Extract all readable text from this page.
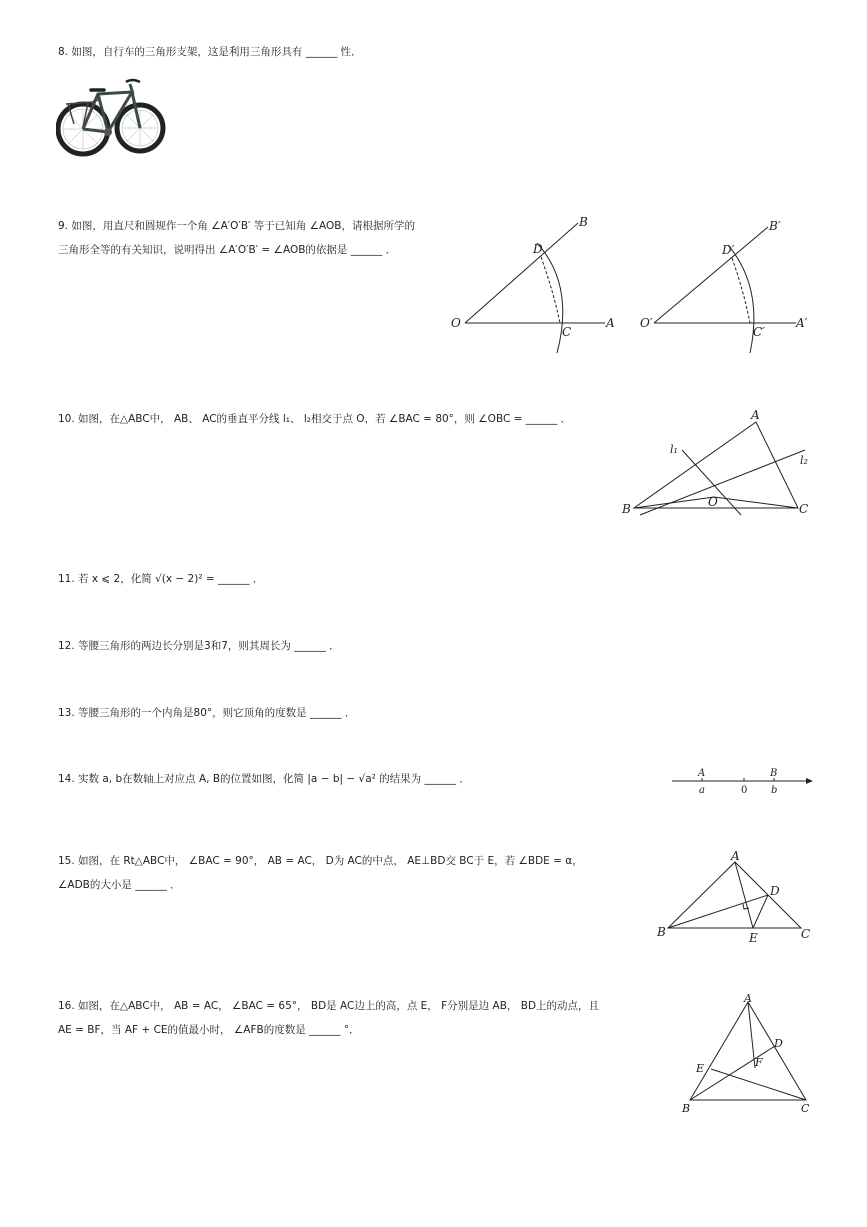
8. 如图，自行车的三角形支架，这是利用三角形具有 ______ 性．
9. 如图，用直尺和圆规作一个角 ∠A′O′B′ 等于已知角 ∠AOB，请根据所学的
三角形全等的有关知识，说明得出 ∠A′O′B′ = ∠AOB的依据是 ______ ．
10. 如图，在△ABC中， AB、 AC的垂直平分线 l₁、 l₂相交于点 O，若 ∠BAC = 80°，则 ∠OBC = ______ ．
11. 若 x ⩽ 2，化简 √(x − 2)² = ______ ．
12. 等腰三角形的两边长分别是3和7，则其周长为 ______ ．
13. 等腰三角形的一个内角是80°，则它顶角的度数是 ______ ．
14. 实数 a, b在数轴上对应点 A, B的位置如图，化简 |a − b| − √a² 的结果为 ______ ．
15. 如图，在 Rt△ABC中， ∠BAC = 90°， AB = AC， D为 AC的中点， AE⊥BD交 BC于 E，若 ∠BDE = α，
∠ADB的大小是 ______ ．
16. 如图，在△ABC中， AB = AC， ∠BAC = 65°， BD是 AC边上的高，点 E， F分别是边 AB， BD上的动点，且
AE = BF，当 AF + CE的值最小时， ∠AFB的度数是 ______ °．
O	A
B
C
D
O′	A′
B′
C′
D′
A
B	C
O
l₁
l₂
A	B
a	0 b
A
B	C
D
E
A
B	C
D
E	F
